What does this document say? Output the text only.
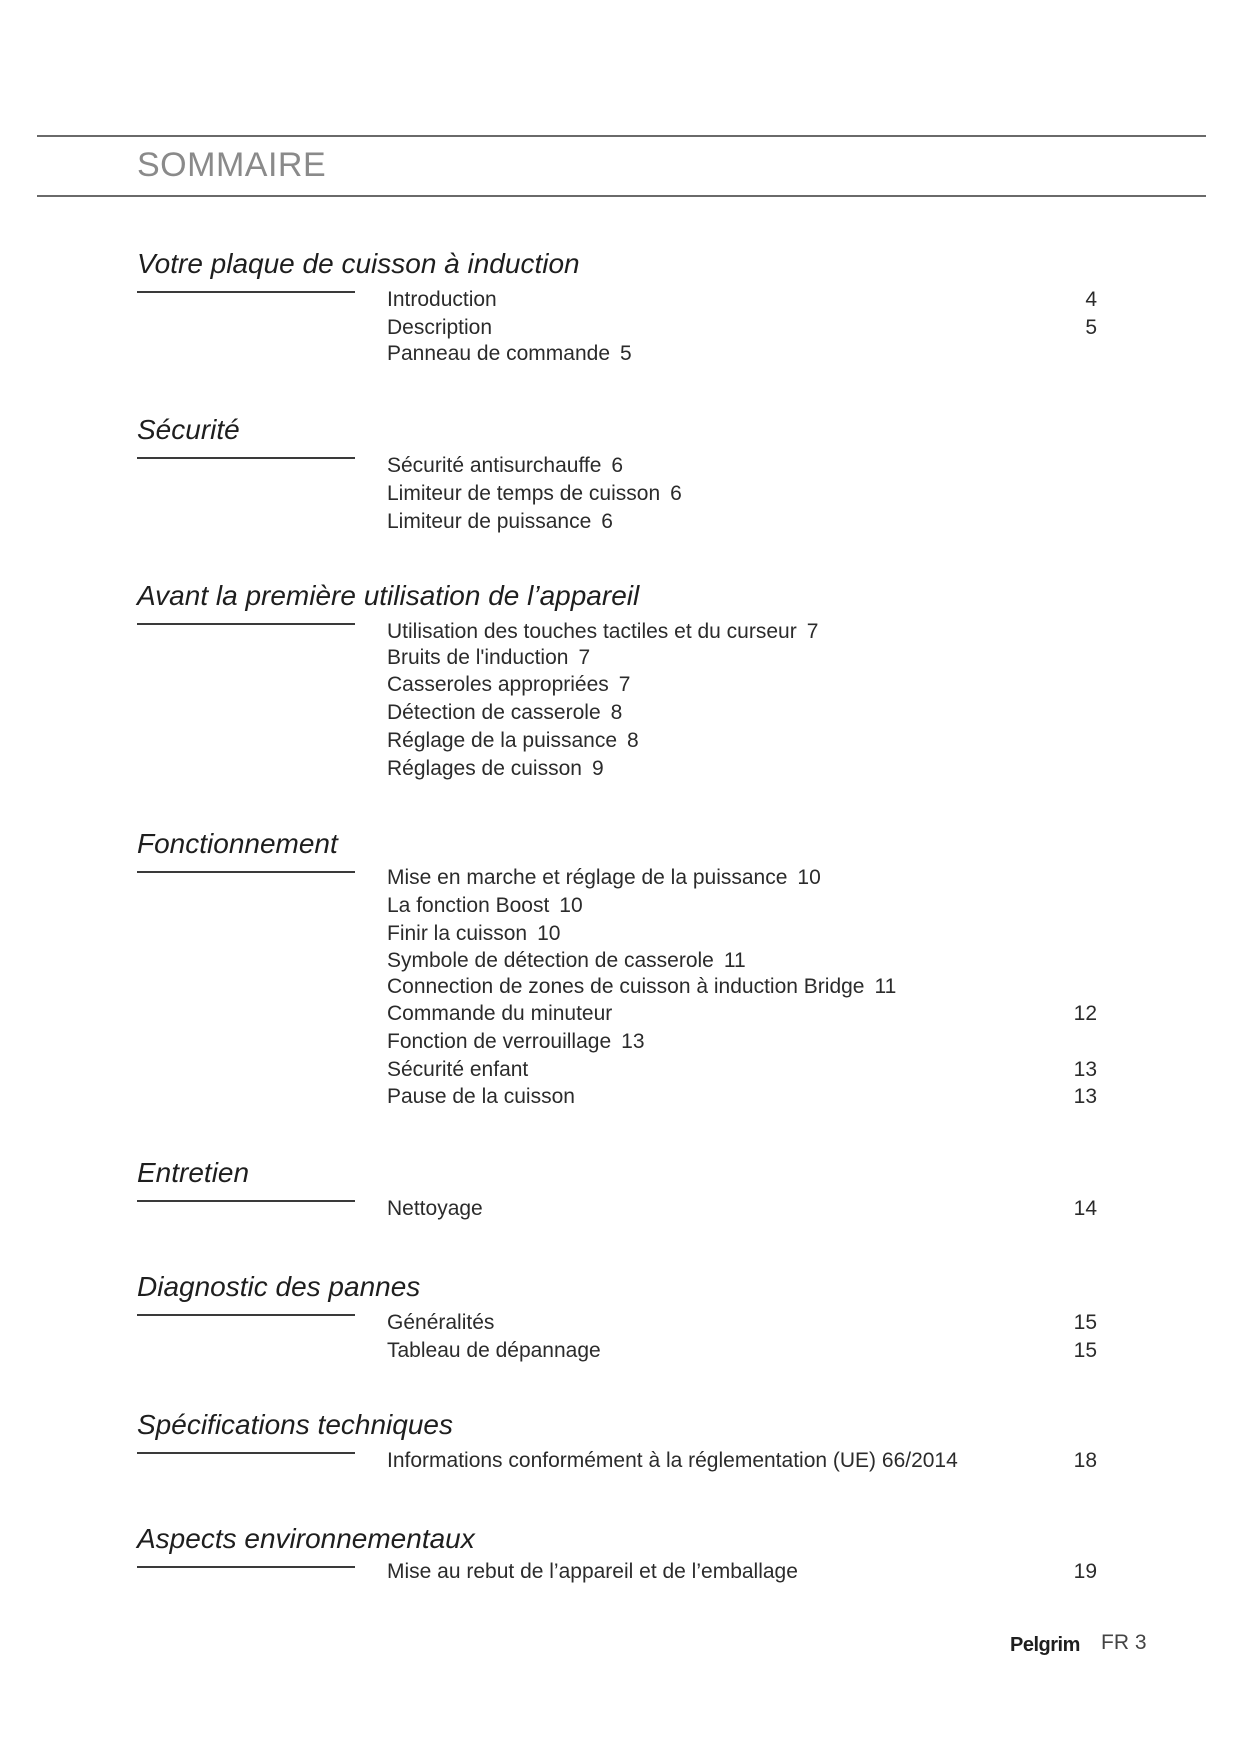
SOMMAIRE
Votre plaque de cuisson à induction
Introduction	4
Description	5
Panneau de commande 5
Sécurité
Sécurité antisurchauffe 6
Limiteur de temps de cuisson 6
Limiteur de puissance 6
Avant la première utilisation de l’appareil
Utilisation des touches tactiles et du curseur 7
Bruits de l'induction 7
Casseroles appropriées 7
Détection de casserole 8
Réglage de la puissance 8
Réglages de cuisson 9
Fonctionnement
Mise en marche et réglage de la puissance 10
La fonction Boost 10
Finir la cuisson 10
Symbole de détection de casserole 11
Connection de zones de cuisson à induction Bridge 11
Commande du minuteur	12
Fonction de verrouillage 13
Sécurité enfant	13
Pause de la cuisson	13
Entretien
Nettoyage	14
Diagnostic des pannes
Généralités	15
Tableau de dépannage	15
Spécifications techniques
Informations conformément à la réglementation (UE) 66/2014	18
Aspects environnementaux
Mise au rebut de l’appareil et de l’emballage	19
Pelgrim FR 3
